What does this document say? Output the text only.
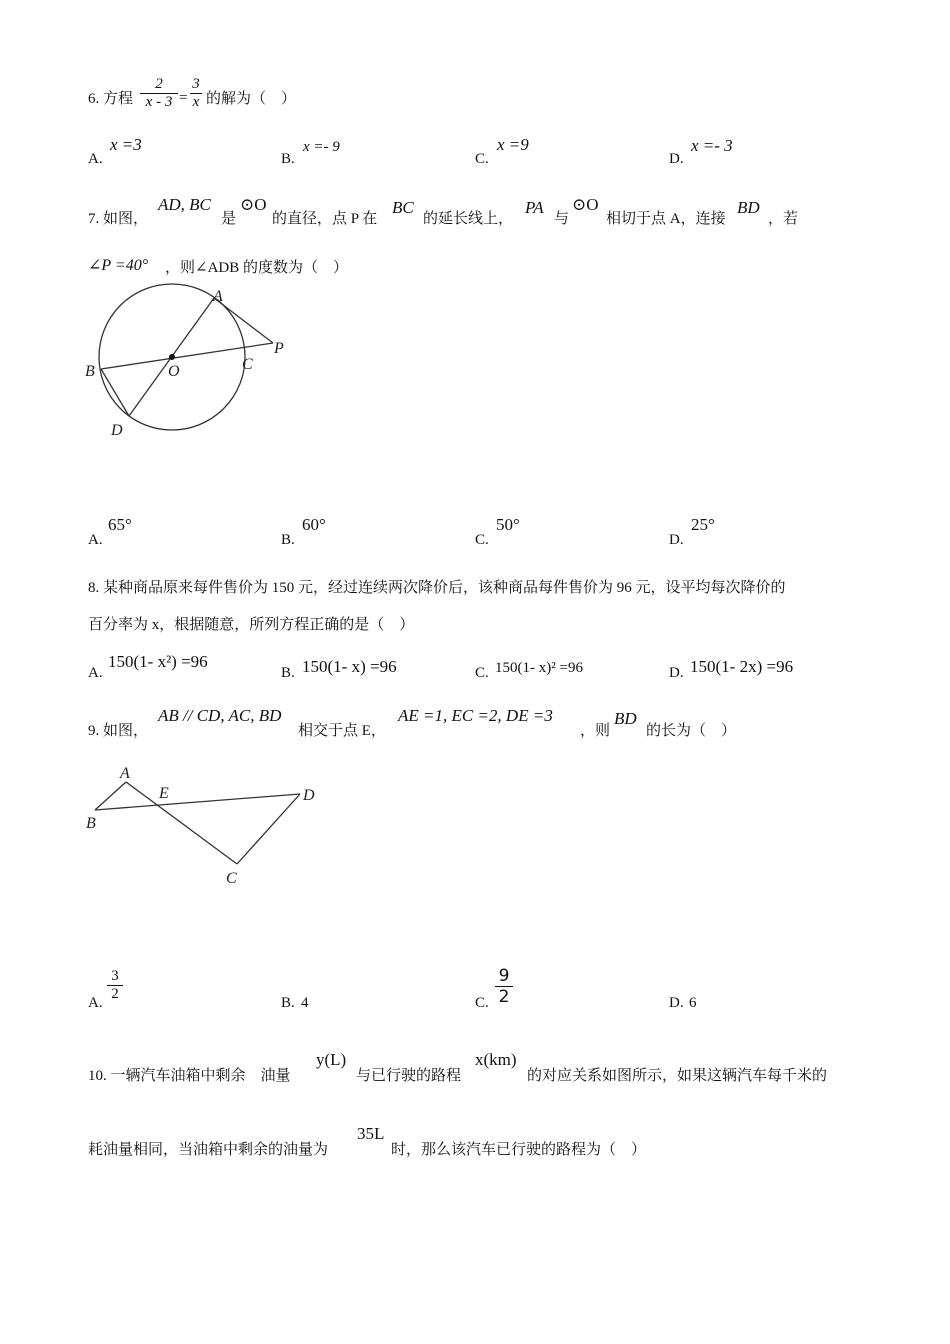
6. 方程 $\frac{2}{x - 3} = \frac{3}{x}$ 的解为（　）
A.
x =3
B.
x =- 9
C.
x =9
D.
x =- 3
7. 如图，
AD, BC
是
⊙O
的直径，点 P 在
BC
的延长线上，
PA
与
⊙O
相切于点 A，连接
BD
，若
∠P =40° ，则∠ADB 的度数为（　）
A
B	C
D
O
P
A.
65°
B.
60°
C.
50°
D.
25°
8. 某种商品原来每件售价为 150 元，经过连续两次降价后，该种商品每件售价为 96 元，设平均每次降价的
百分率为 x，根据随意，所列方程正确的是（　）
A.
150(1- x²) =96
B. 150(1- x) =96	C. 150(1- x)² =96	D. 150(1- 2x) =96
9. 如图，
AB // CD, AC, BD
相交于点 E，
AE =1, EC =2, DE =3
，则
BD
的长为（　）
A
B
C
D
E
A. $\frac{3}{2}$	B. 4	C. $\frac{9}{2}$	D. 6
10. 一辆汽车油箱中剩余　油量
y(L)
与已行驶的路程
x(km)
的对应关系如图所示，如果这辆汽车每千米的
耗油量相同，当油箱中剩余的油量为
35L
时，那么该汽车已行驶的路程为（　）
